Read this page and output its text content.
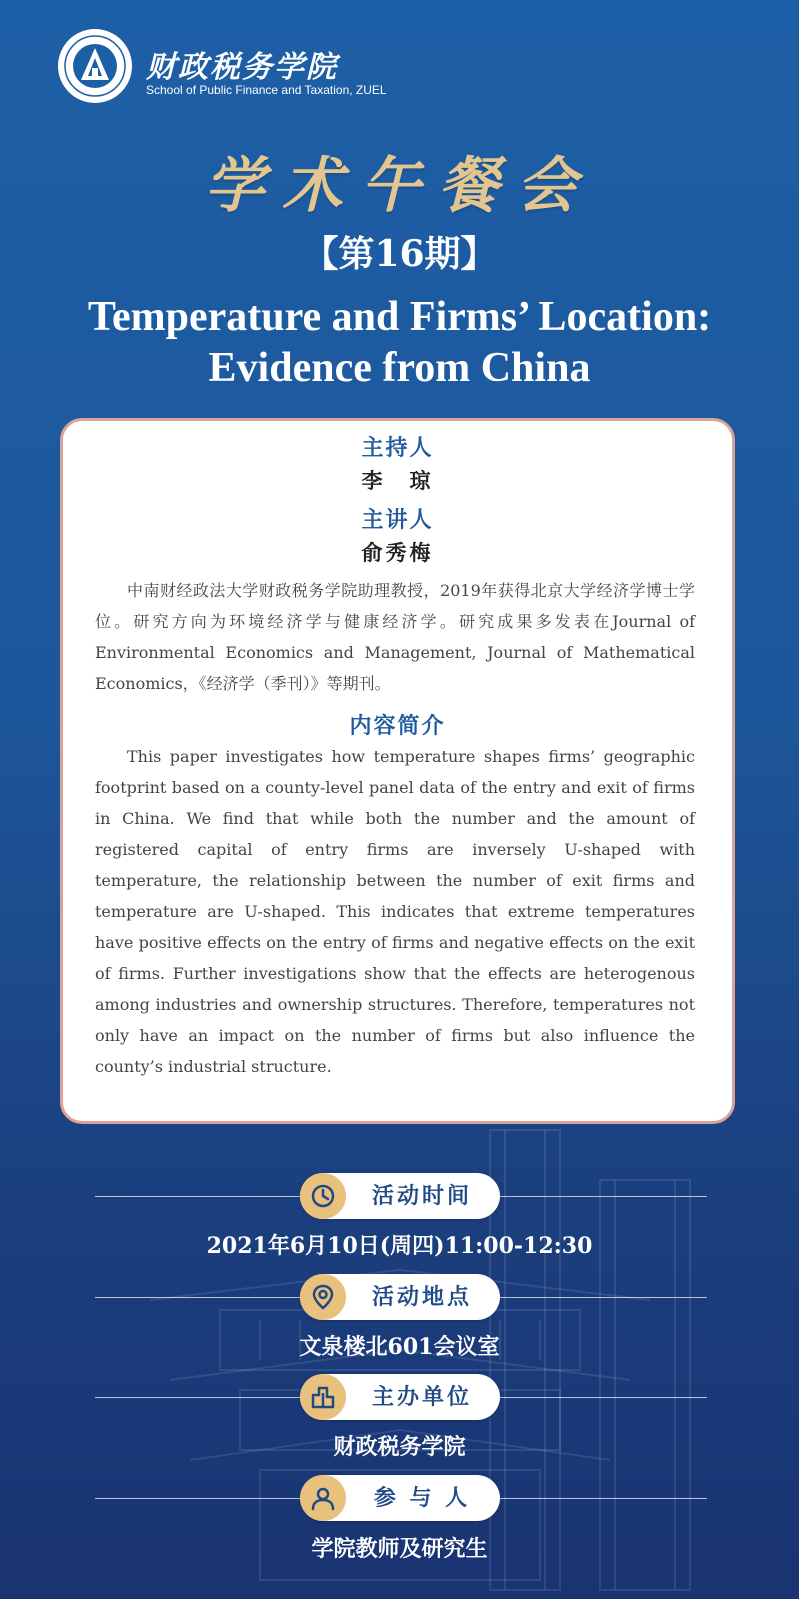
财政税务学院
School of Public Finance and Taxation, ZUEL
学术午餐会
【第16期】
Temperature and Firms’ Location:
Evidence from China
主持人
李　琼
主讲人
俞秀梅
中南财经政法大学财政税务学院助理教授，2019年获得北京大学经济学博士学位。研究方向为环境经济学与健康经济学。研究成果多发表在Journal of Environmental Economics and Management, Journal of Mathematical Economics，《经济学（季刊）》等期刊。
内容简介
This paper investigates how temperature shapes firms’ geographic footprint based on a county-level panel data of the entry and exit of firms in China. We find that while both the number and the amount of registered capital of entry firms are inversely U-shaped with temperature, the relationship between the number of exit firms and temperature are U-shaped. This indicates that extreme temperatures have positive effects on the entry of firms and negative effects on the exit of firms. Further investigations show that the effects are heterogenous among industries and ownership structures. Therefore, temperatures not only have an impact on the number of firms but also influence the county’s industrial structure.
活动时间
2021年6月10日(周四)11:00-12:30
活动地点
文泉楼北601会议室
主办单位
财政税务学院
参 与 人
学院教师及研究生
